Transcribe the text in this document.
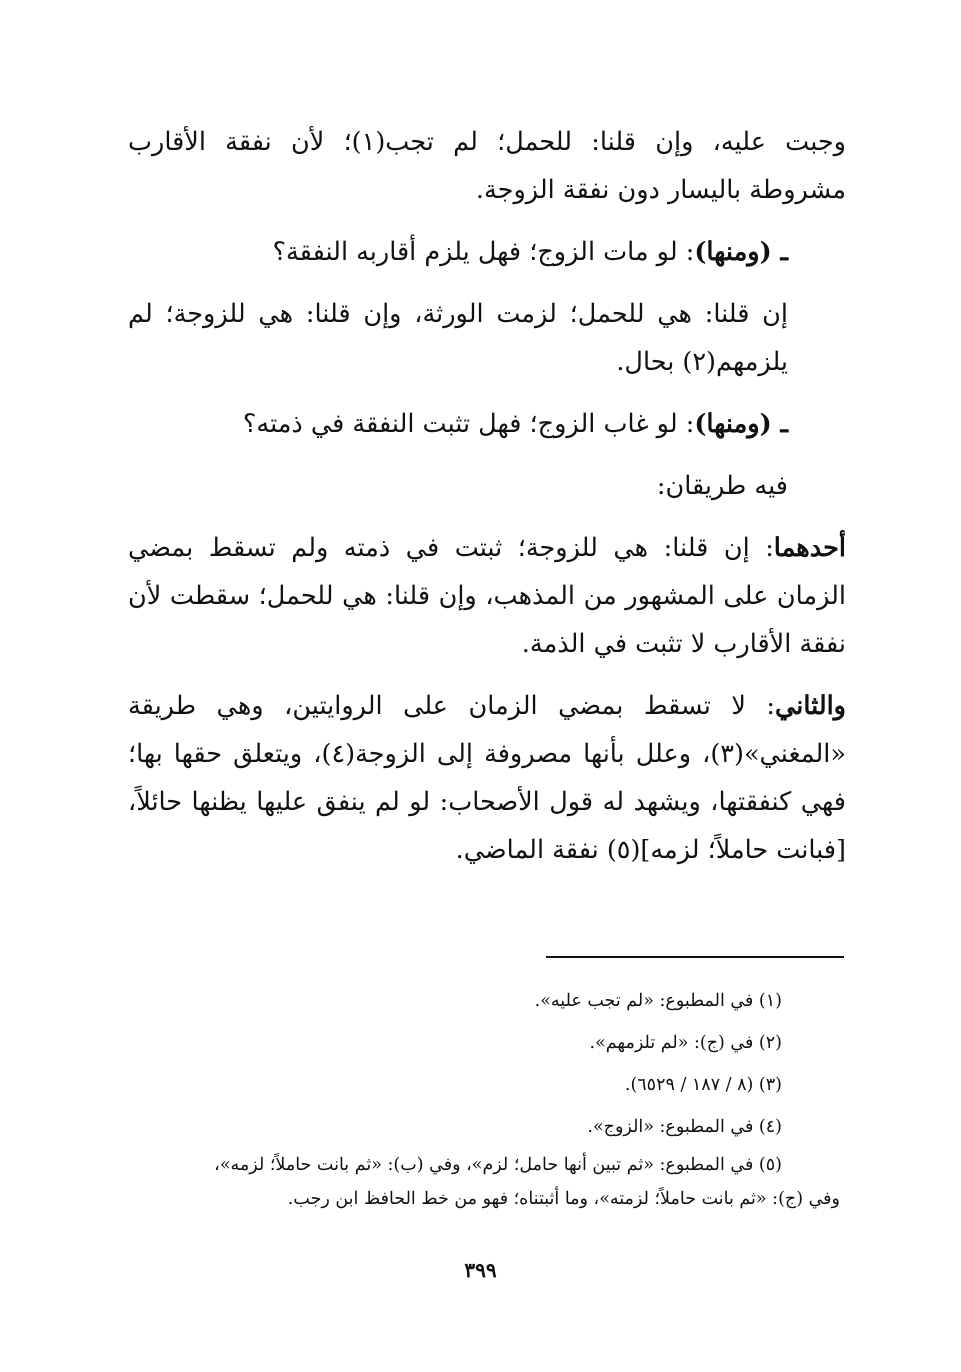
وجبت عليه، وإن قلنا: للحمل؛ لم تجب(١)؛ لأن نفقة الأقارب مشروطة باليسار دون نفقة الزوجة.

ـ (ومنها): لو مات الزوج؛ فهل يلزم أقاربه النفقة؟

إن قلنا: هي للحمل؛ لزمت الورثة، وإن قلنا: هي للزوجة؛ لم يلزمهم(٢) بحال.

ـ (ومنها): لو غاب الزوج؛ فهل تثبت النفقة في ذمته؟

فيه طريقان:

أحدهما: إن قلنا: هي للزوجة؛ ثبتت في ذمته ولم تسقط بمضي الزمان على المشهور من المذهب، وإن قلنا: هي للحمل؛ سقطت لأن نفقة الأقارب لا تثبت في الذمة.

والثاني: لا تسقط بمضي الزمان على الروايتين، وهي طريقة «المغني»(٣)، وعلل بأنها مصروفة إلى الزوجة(٤)، ويتعلق حقها بها؛ فهي كنفقتها، ويشهد له قول الأصحاب: لو لم ينفق عليها يظنها حائلاً، [فبانت حاملاً؛ لزمه](٥) نفقة الماضي.

(١) في المطبوع: «لم تجب عليه».

(٢) في (ج): «لم تلزمهم».

(٣) (٨ / ١٨٧ / ٦٥٢٩).

(٤) في المطبوع: «الزوج».

(٥) في المطبوع: «ثم تبين أنها حامل؛ لزم»، وفي (ب): «ثم بانت حاملاً؛ لزمه»،

وفي (ج): «ثم بانت حاملاً؛ لزمته»، وما أثبتناه؛ فهو من خط الحافظ ابن رجب.

٣٩٩
